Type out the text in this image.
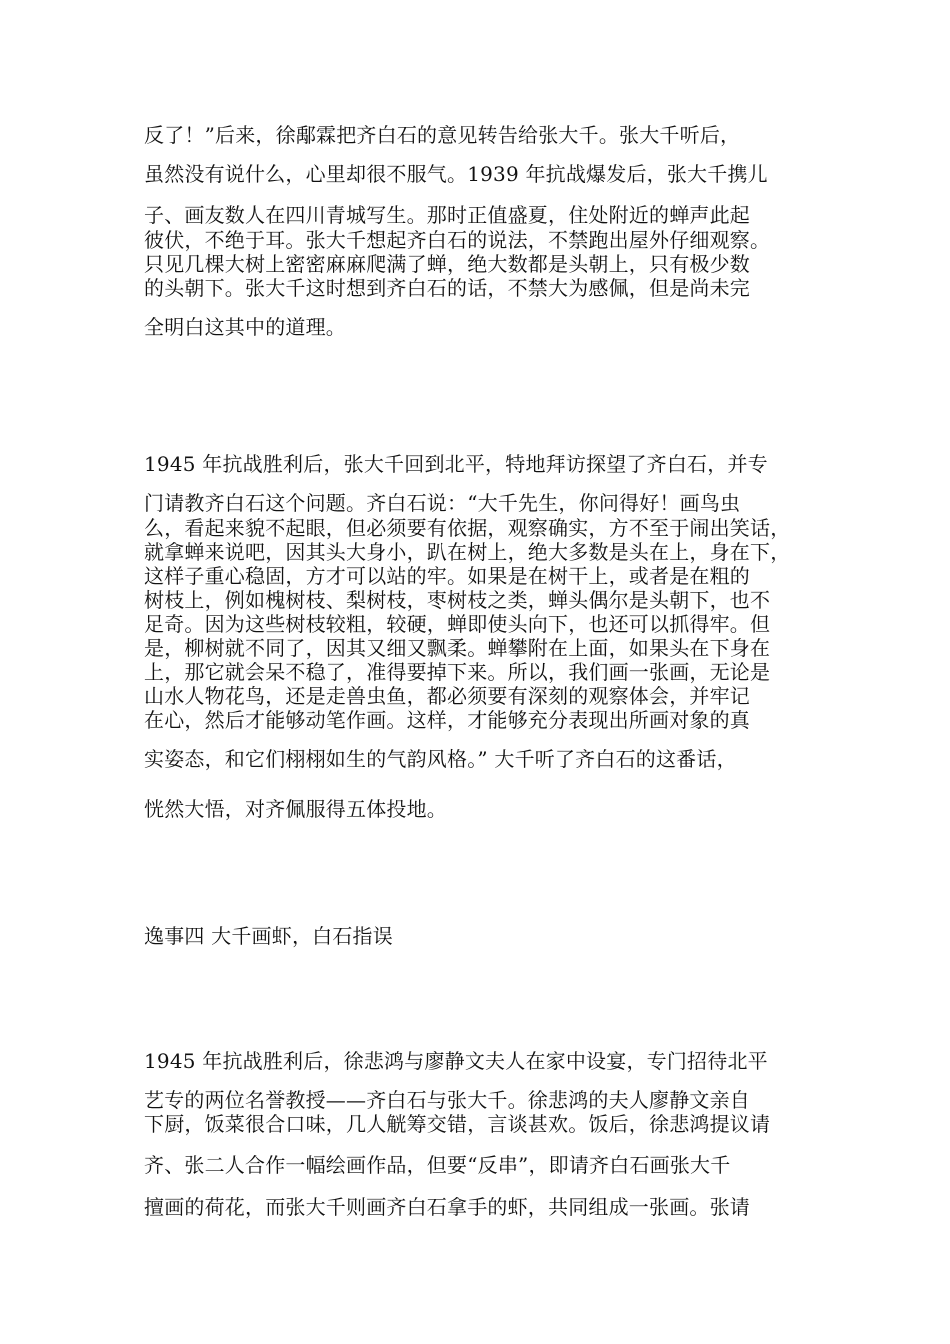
反了！”后来，徐鄅霖把齐白石的意见转告给张大千。张大千听后，
虽然没有说什么，心里却很不服气。1939 年抗战爆发后，张大千携儿
子、画友数人在四川青城写生。那时正值盛夏，住处附近的蝉声此起
彼伏，不绝于耳。张大千想起齐白石的说法，不禁跑出屋外仔细观察。
只见几棵大树上密密麻麻爬满了蝉，绝大数都是头朝上，只有极少数
的头朝下。张大千这时想到齐白石的话，不禁大为感佩，但是尚未完
全明白这其中的道理。
1945 年抗战胜利后，张大千回到北平，特地拜访探望了齐白石，并专
门请教齐白石这个问题。齐白石说：“大千先生，你问得好！画鸟虫
么，看起来貌不起眼，但必须要有依据，观察确实，方不至于闹出笑话，
就拿蝉来说吧，因其头大身小，趴在树上，绝大多数是头在上，身在下，
这样子重心稳固，方才可以站的牢。如果是在树干上，或者是在粗的
树枝上，例如槐树枝、梨树枝，枣树枝之类，蝉头偶尔是头朝下，也不
足奇。因为这些树枝较粗，较硬，蝉即使头向下，也还可以抓得牢。但
是，柳树就不同了，因其又细又飘柔。蝉攀附在上面，如果头在下身在
上，那它就会呆不稳了，准得要掉下来。所以，我们画一张画，无论是
山水人物花鸟，还是走兽虫鱼，都必须要有深刻的观察体会，并牢记
在心，然后才能够动笔作画。这样，才能够充分表现出所画对象的真
实姿态，和它们栩栩如生的气韵风格。” 大千听了齐白石的这番话，
恍然大悟，对齐佩服得五体投地。
逸事四 大千画虾，白石指误
1945 年抗战胜利后，徐悲鸿与廖静文夫人在家中设宴，专门招待北平
艺专的两位名誉教授——齐白石与张大千。徐悲鸿的夫人廖静文亲自
下厨，饭菜很合口味，几人觥筹交错，言谈甚欢。饭后，徐悲鸿提议请
齐、张二人合作一幅绘画作品，但要“反串”，即请齐白石画张大千
擅画的荷花，而张大千则画齐白石拿手的虾，共同组成一张画。张请
